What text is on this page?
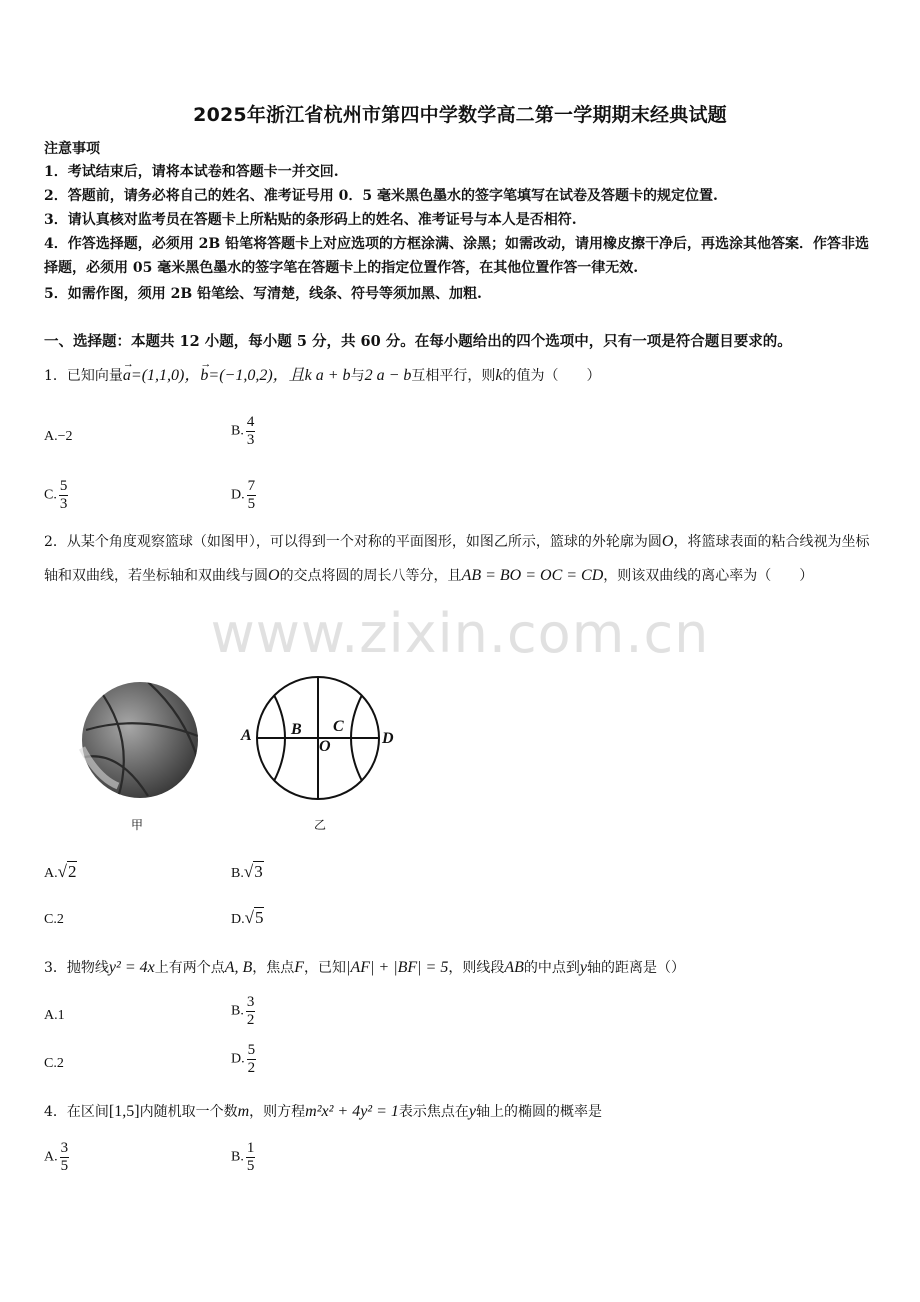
2025年浙江省杭州市第四中学数学高二第一学期期末经典试题
注意事项
1．考试结束后，请将本试卷和答题卡一并交回.
2．答题前，请务必将自己的姓名、准考证号用 0．5 毫米黑色墨水的签字笔填写在试卷及答题卡的规定位置.
3．请认真核对监考员在答题卡上所粘贴的条形码上的姓名、准考证号与本人是否相符.
4．作答选择题，必须用 2B 铅笔将答题卡上对应选项的方框涂满、涂黑；如需改动，请用橡皮擦干净后，再选涂其他答案．作答非选择题，必须用 05 毫米黑色墨水的签字笔在答题卡上的指定位置作答，在其他位置作答一律无效.
5．如需作图，须用 2B 铅笔绘、写清楚，线条、符号等须加黑、加粗.
一、选择题：本题共 12 小题，每小题 5 分，共 60 分。在每小题给出的四个选项中，只有一项是符合题目要求的。
1．已知向量→ a=(1,1,0)，→ b=(−1,0,2)，且k a + b与2 a − b互相平行，则k的值为（　　）
A.−2	B. $\frac{4}{3}$
C. $\frac{5}{3}$	D. $\frac{7}{5}$
2．从某个角度观察篮球（如图甲），可以得到一个对称的平面图形，如图乙所示，篮球的外轮廓为圆O，将篮球表面的粘合线视为坐标轴和双曲线，若坐标轴和双曲线与圆O的交点将圆的周长八等分，且AB = BO = OC = CD，则该双曲线的离心率为（　　）
www.zixin.com.cn
甲
A B C
O	D
乙
A.√2	B.√3
C.2	D.√5
3．抛物线y² = 4x上有两个点A, B，焦点F，已知|AF| + |BF| = 5，则线段AB的中点到y轴的距离是（）
A.1	B. $\frac{3}{2}$
C.2	D. $\frac{5}{2}$
4．在区间[1,5]内随机取一个数m，则方程m²x² + 4y² = 1表示焦点在y轴上的椭圆的概率是
A. $\frac{3}{5}$	B. $\frac{1}{5}$
